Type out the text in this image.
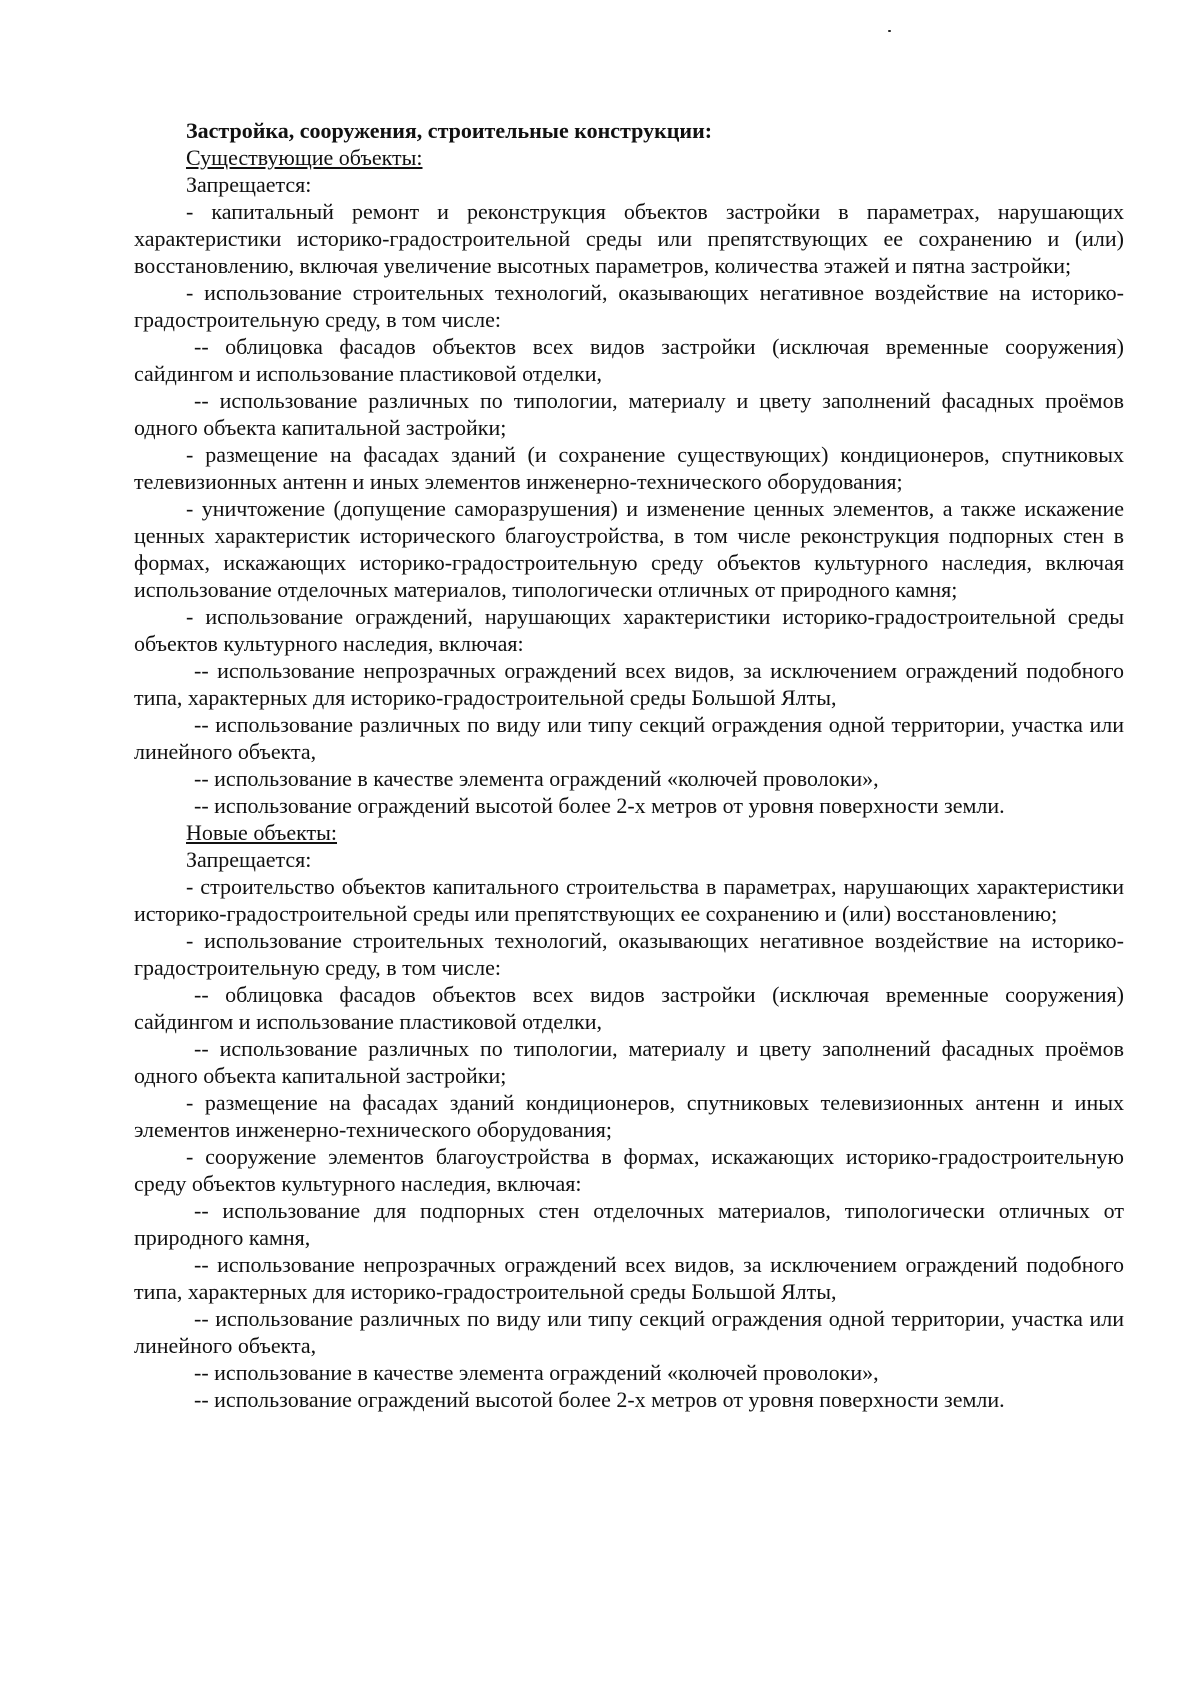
Застройка, сооружения, строительные конструкции:

Существующие объекты:

Запрещается:

- капитальный ремонт и реконструкция объектов застройки в параметрах, нарушающих характеристики историко-градостроительной среды или препятствующих ее сохранению и (или) восстановлению, включая увеличение высотных параметров, количества этажей и пятна застройки;

- использование строительных технологий, оказывающих негативное воздействие на историко-градостроительную среду, в том числе:

-- облицовка фасадов объектов всех видов застройки (исключая временные сооружения) сайдингом и использование пластиковой отделки,

-- использование различных по типологии, материалу и цвету заполнений фасадных проёмов одного объекта капитальной застройки;

- размещение на фасадах зданий (и сохранение существующих) кондиционеров, спутниковых телевизионных антенн и иных элементов инженерно-технического оборудования;

- уничтожение (допущение саморазрушения) и изменение ценных элементов, а также искажение ценных характеристик исторического благоустройства, в том числе реконструкция подпорных стен в формах, искажающих историко-градостроительную среду объектов культурного наследия, включая использование отделочных материалов, типологически отличных от природного камня;

- использование ограждений, нарушающих характеристики историко-градостроительной среды объектов культурного наследия, включая:

-- использование непрозрачных ограждений всех видов, за исключением ограждений подобного типа, характерных для историко-градостроительной среды Большой Ялты,

-- использование различных по виду или типу секций ограждения одной территории, участка или линейного объекта,

-- использование в качестве элемента ограждений «колючей проволоки»,

-- использование ограждений высотой более 2-х метров от уровня поверхности земли.

Новые объекты:

Запрещается:

- строительство объектов капитального строительства в параметрах, нарушающих характеристики историко-градостроительной среды или препятствующих ее сохранению и (или) восстановлению;

- использование строительных технологий, оказывающих негативное воздействие на историко-градостроительную среду, в том числе:

-- облицовка фасадов объектов всех видов застройки (исключая временные сооружения) сайдингом и использование пластиковой отделки,

-- использование различных по типологии, материалу и цвету заполнений фасадных проёмов одного объекта капитальной застройки;

- размещение на фасадах зданий кондиционеров, спутниковых телевизионных антенн и иных элементов инженерно-технического оборудования;

- сооружение элементов благоустройства в формах, искажающих историко-градостроительную среду объектов культурного наследия, включая:

-- использование для подпорных стен отделочных материалов, типологически отличных от природного камня,

-- использование непрозрачных ограждений всех видов, за исключением ограждений подобного типа, характерных для историко-градостроительной среды Большой Ялты,

-- использование различных по виду или типу секций ограждения одной территории, участка или линейного объекта,

-- использование в качестве элемента ограждений «колючей проволоки»,

-- использование ограждений высотой более 2-х метров от уровня поверхности земли.
